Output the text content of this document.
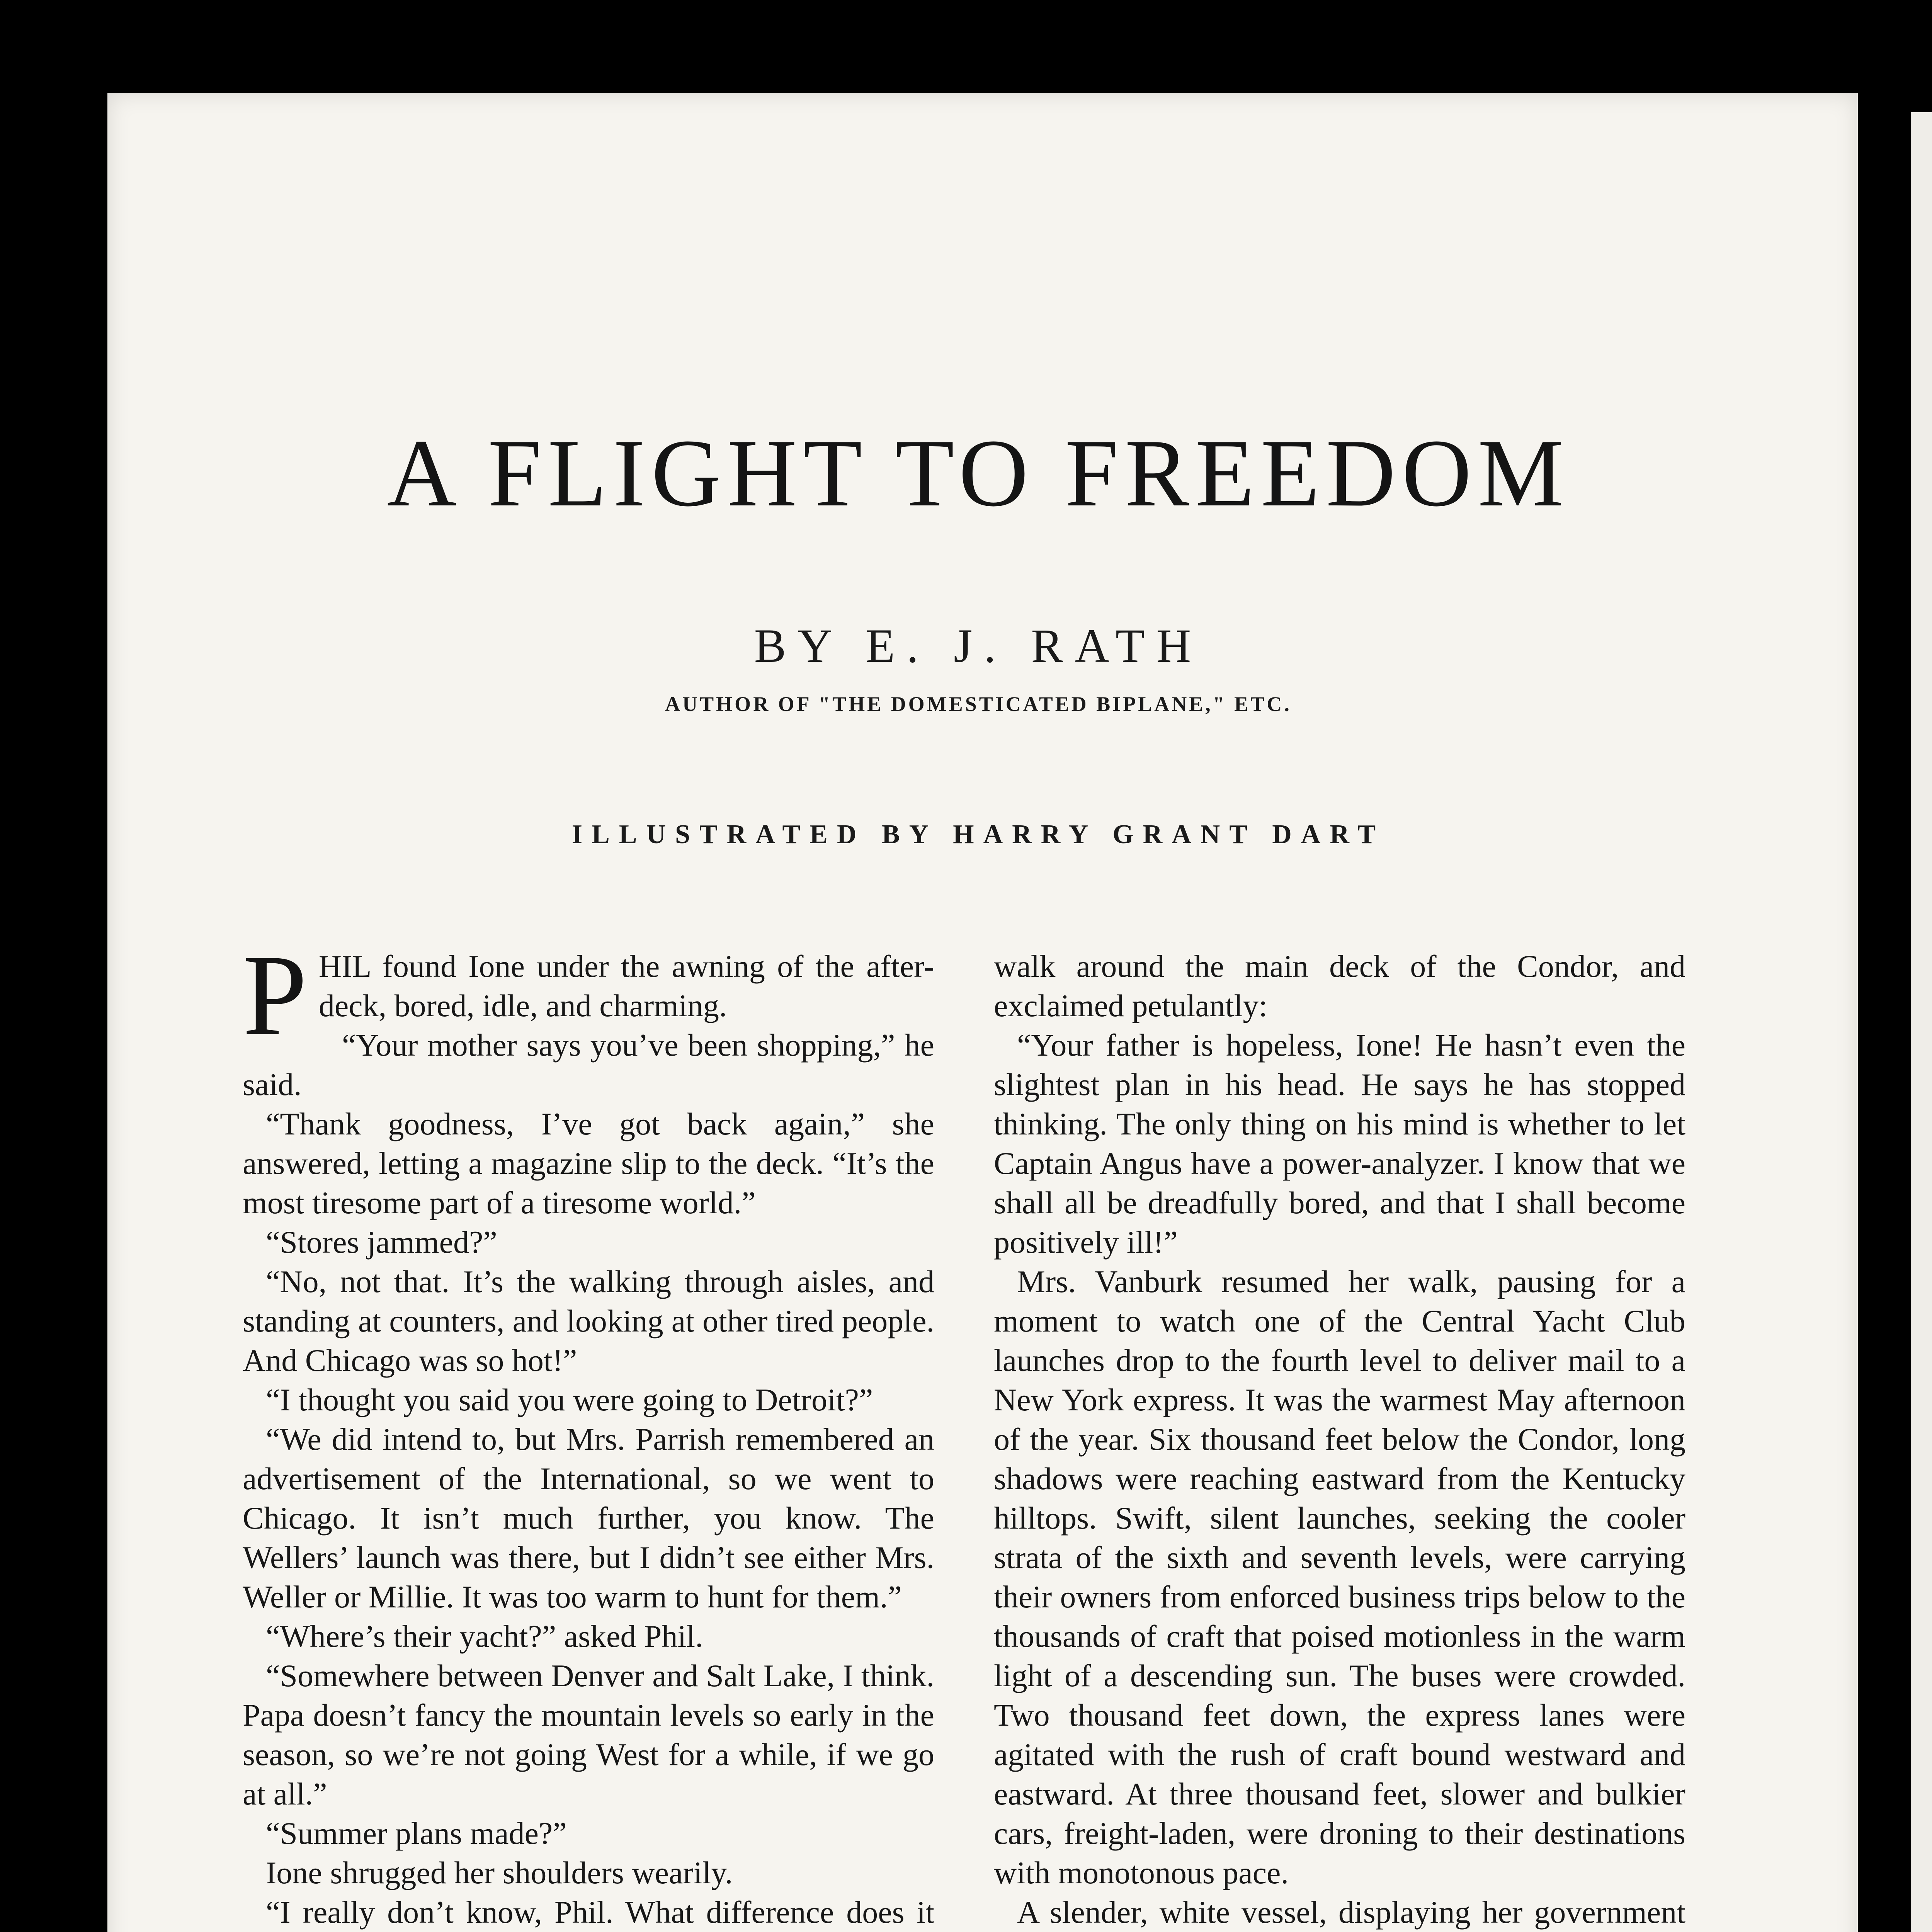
A FLIGHT TO FREEDOM
BY E. J. RATH
AUTHOR OF "THE DOMESTICATED BIPLANE," ETC.
ILLUSTRATED BY HARRY GRANT DART

PHIL found Ione under the awning of the after-deck, bored, idle, and charming.

“Your mother says you’ve been shopping,” he said.

“Thank goodness, I’ve got back again,” she answered, letting a magazine slip to the deck. “It’s the most tiresome part of a tiresome world.”

“Stores jammed?”

“No, not that. It’s the walking through aisles, and standing at counters, and looking at other tired people. And Chicago was so hot!”

“I thought you said you were going to Detroit?”

“We did intend to, but Mrs. Parrish remembered an advertisement of the International, so we went to Chicago. It isn’t much further, you know. The Wellers’ launch was there, but I didn’t see either Mrs. Weller or Millie. It was too warm to hunt for them.”

“Where’s their yacht?” asked Phil.

“Somewhere between Denver and Salt Lake, I think. Papa doesn’t fancy the mountain levels so early in the season, so we’re not going West for a while, if we go at all.”

“Summer plans made?”

Ione shrugged her shoulders wearily.

“I really don’t know, Phil. What difference does it

walk around the main deck of the Condor, and exclaimed petulantly:

“Your father is hopeless, Ione! He hasn’t even the slightest plan in his head. He says he has stopped thinking. The only thing on his mind is whether to let Captain Angus have a power-analyzer. I know that we shall all be dreadfully bored, and that I shall become positively ill!”

Mrs. Vanburk resumed her walk, pausing for a moment to watch one of the Central Yacht Club launches drop to the fourth level to deliver mail to a New York express. It was the warmest May afternoon of the year. Six thousand feet below the Condor, long shadows were reaching eastward from the Kentucky hilltops. Swift, silent launches, seeking the cooler strata of the sixth and seventh levels, were carrying their owners from enforced business trips below to the thousands of craft that poised motionless in the warm light of a descending sun. The buses were crowded. Two thousand feet down, the express lanes were agitated with the rush of craft bound westward and eastward. At three thousand feet, slower and bulkier cars, freight-laden, were droning to their destinations with monotonous pace.

A slender, white vessel, displaying her government
